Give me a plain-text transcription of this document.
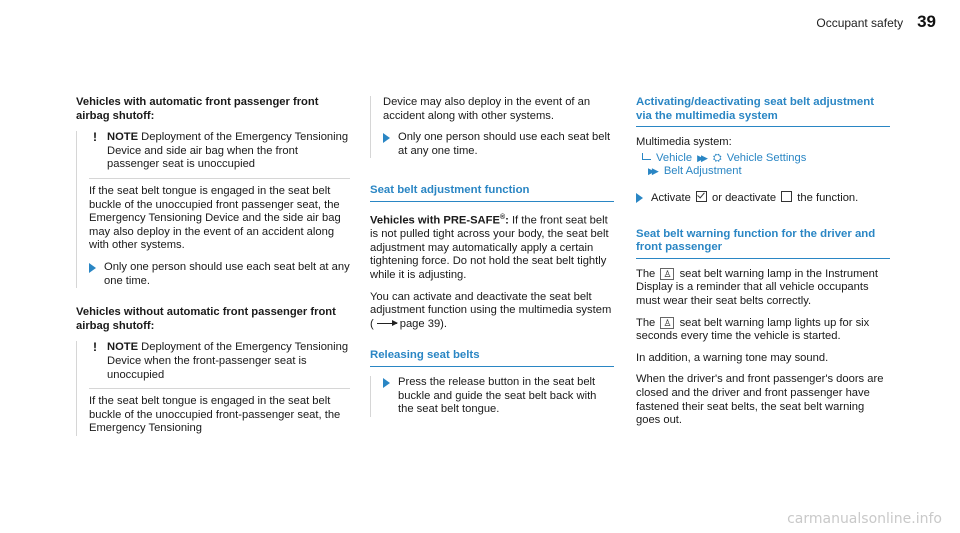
Occupant safety 39
Vehicles with automatic front passenger front airbag shutoff:
! NOTE Deployment of the Emergency Tensioning Device and side air bag when the front passenger seat is unoccupied

If the seat belt tongue is engaged in the seat belt buckle of the unoccupied front passenger seat, the Emergency Tensioning Device and the side air bag may also deploy in the event of an accident along with other systems.

Only one person should use each seat belt at any one time.
Vehicles without automatic front passenger front airbag shutoff:
! NOTE Deployment of the Emergency Tensioning Device when the front-passenger seat is unoccupied

If the seat belt tongue is engaged in the seat belt buckle of the unoccupied front-passenger seat, the Emergency Tensioning

Device may also deploy in the event of an accident along with other systems.

Only one person should use each seat belt at any one time.
Seat belt adjustment function

Vehicles with PRE-SAFE®: If the front seat belt is not pulled tight across your body, the seat belt adjustment may automatically apply a certain tightening force. Do not hold the seat belt tightly while it is adjusting.

You can activate and deactivate the seat belt adjustment function using the multimedia system ( page 39).

Releasing seat belts
Press the release button in the seat belt buckle and guide the seat belt back with the seat belt tongue.
Activating/deactivating seat belt adjustment via the multimedia system
Multimedia system:
Vehicle ▶▶ ⛭ Vehicle Settings
▶▶ Belt Adjustment
Activate or deactivate the function.
Seat belt warning function for the driver and front passenger

The ♙ seat belt warning lamp in the Instrument Display is a reminder that all vehicle occupants must wear their seat belts correctly.

The ♙ seat belt warning lamp lights up for six seconds every time the vehicle is started.

In addition, a warning tone may sound.

When the driver's and front passenger's doors are closed and the driver and front passenger have fastened their seat belts, the seat belt warning goes out.

carmanualsonline.info
